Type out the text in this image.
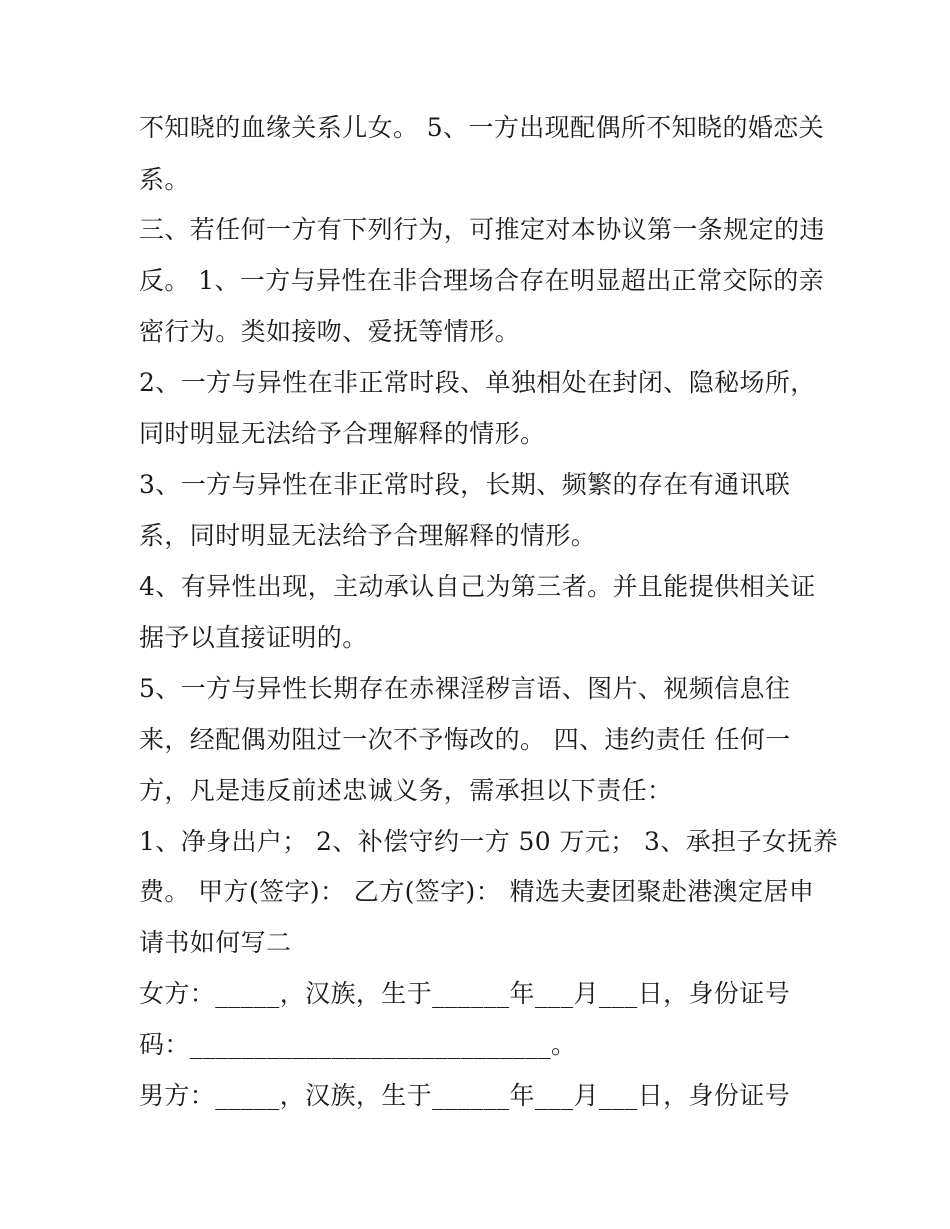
不知晓的血缘关系儿女。 5、一方出现配偶所不知晓的婚恋关
系。
三、若任何一方有下列行为，可推定对本协议第一条规定的违
反。 1、一方与异性在非合理场合存在明显超出正常交际的亲
密行为。类如接吻、爱抚等情形。
2、一方与异性在非正常时段、单独相处在封闭、隐秘场所，
同时明显无法给予合理解释的情形。
3、一方与异性在非正常时段，长期、频繁的存在有通讯联
系，同时明显无法给予合理解释的情形。
4、有异性出现，主动承认自己为第三者。并且能提供相关证
据予以直接证明的。
5、一方与异性长期存在赤裸淫秽言语、图片、视频信息往
来，经配偶劝阻过一次不予悔改的。 四、违约责任 任何一
方，凡是违反前述忠诚义务，需承担以下责任：
1、净身出户； 2、补偿守约一方 50 万元； 3、承担子女抚养
费。 甲方(签字)： 乙方(签字)： 精选夫妻团聚赴港澳定居申
请书如何写二
女方：_____，汉族，生于______年___月___日，身份证号
码：____________________________。
男方：_____，汉族，生于______年___月___日，身份证号
